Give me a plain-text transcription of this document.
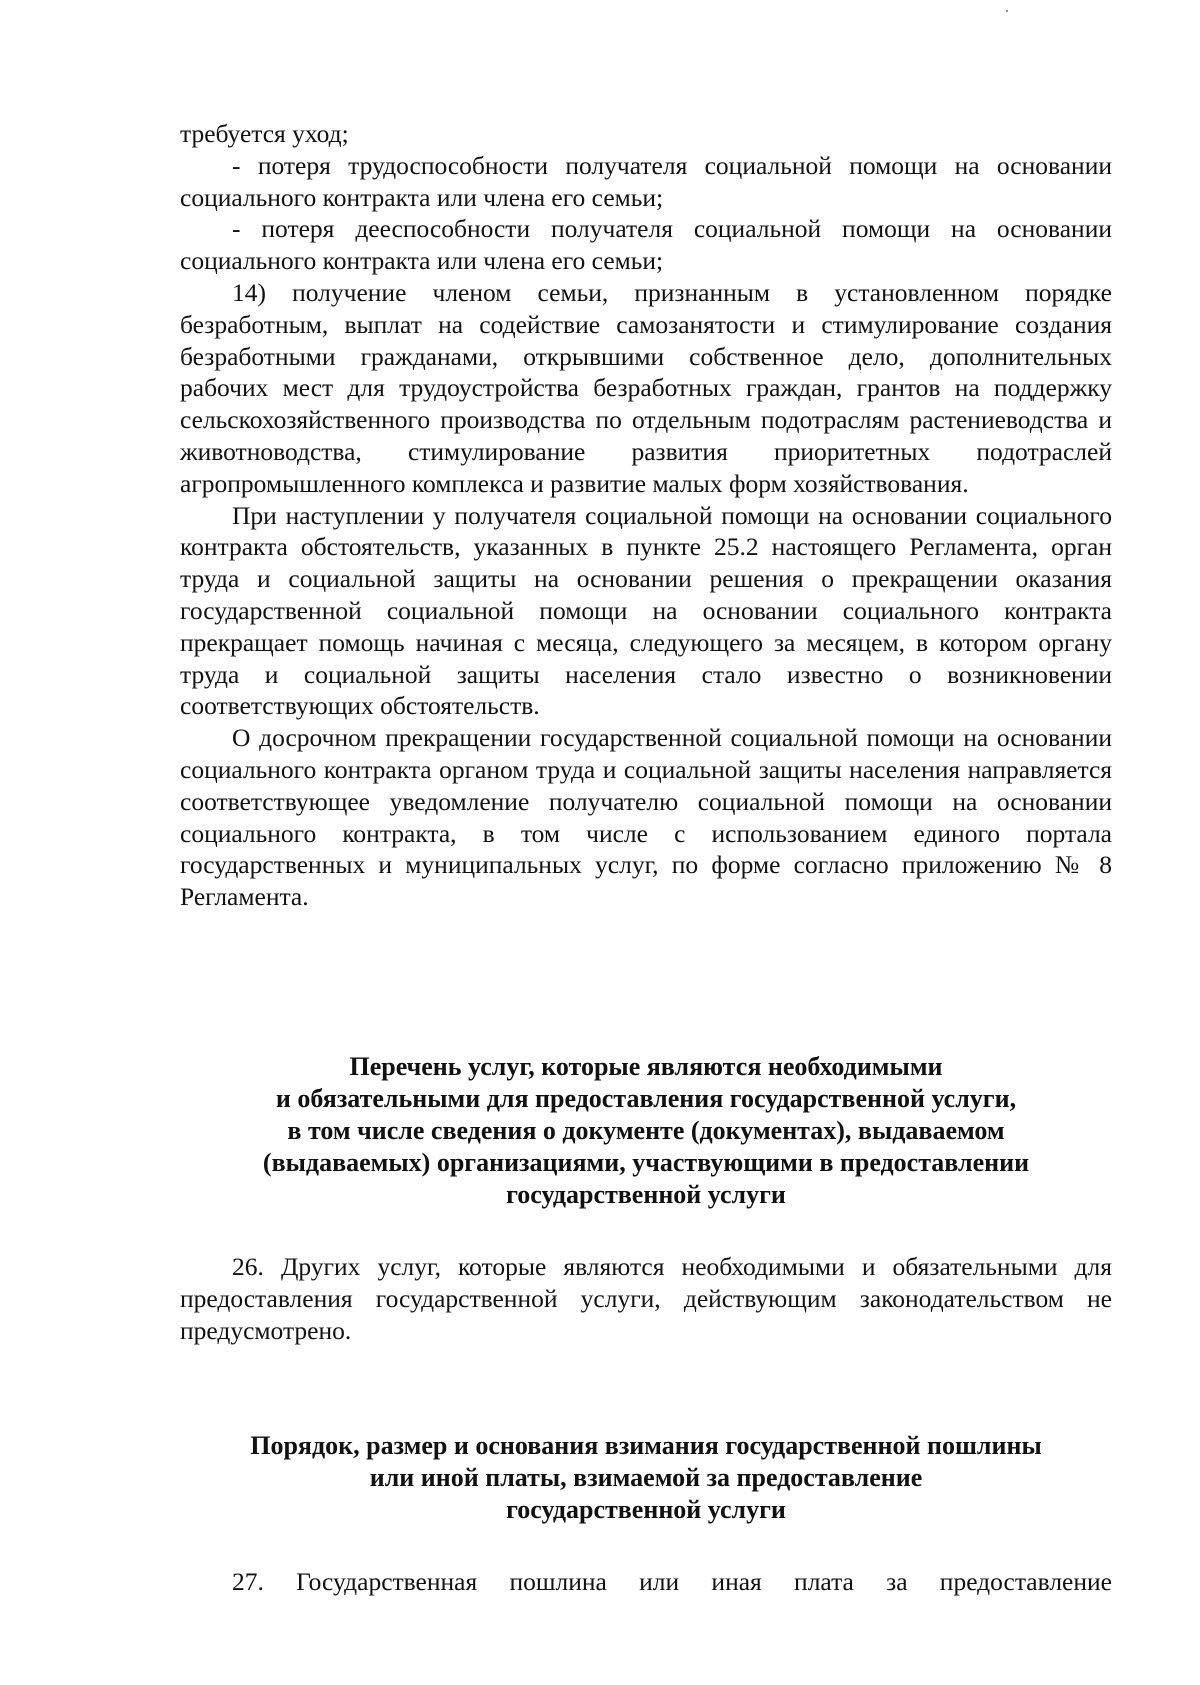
требуется уход;

- потеря трудоспособности получателя социальной помощи на основании социального контракта или члена его семьи;

- потеря дееспособности получателя социальной помощи на основании социального контракта или члена его семьи;

14) получение членом семьи, признанным в установленном порядке безработным, выплат на содействие самозанятости и стимулирование создания безработными гражданами, открывшими собственное дело, дополнительных рабочих мест для трудоустройства безработных граждан, грантов на поддержку сельскохозяйственного производства по отдельным подотраслям растениеводства и животноводства, стимулирование развития приоритетных подотраслей агропромышленного комплекса и развитие малых форм хозяйствования.

При наступлении у получателя социальной помощи на основании социального контракта обстоятельств, указанных в пункте 25.2 настоящего Регламента, орган труда и социальной защиты на основании решения о прекращении оказания государственной социальной помощи на основании социального контракта прекращает помощь начиная с месяца, следующего за месяцем, в котором органу труда и социальной защиты населения стало известно о возникновении соответствующих обстоятельств.

О досрочном прекращении государственной социальной помощи на основании социального контракта органом труда и социальной защиты населения направляется соответствующее уведомление получателю социальной помощи на основании социального контракта, в том числе с использованием единого портала государственных и муниципальных услуг, по форме согласно приложению № 8 Регламента.

Перечень услуг, которые являются необходимыми
и обязательными для предоставления государственной услуги,
в том числе сведения о документе (документах), выдаваемом
(выдаваемых) организациями, участвующими в предоставлении
государственной услуги

26. Других услуг, которые являются необходимыми и обязательными для предоставления государственной услуги, действующим законодательством не предусмотрено.

Порядок, размер и основания взимания государственной пошлины
или иной платы, взимаемой за предоставление
государственной услуги

27. Государственная пошлина или иная плата за предоставление
